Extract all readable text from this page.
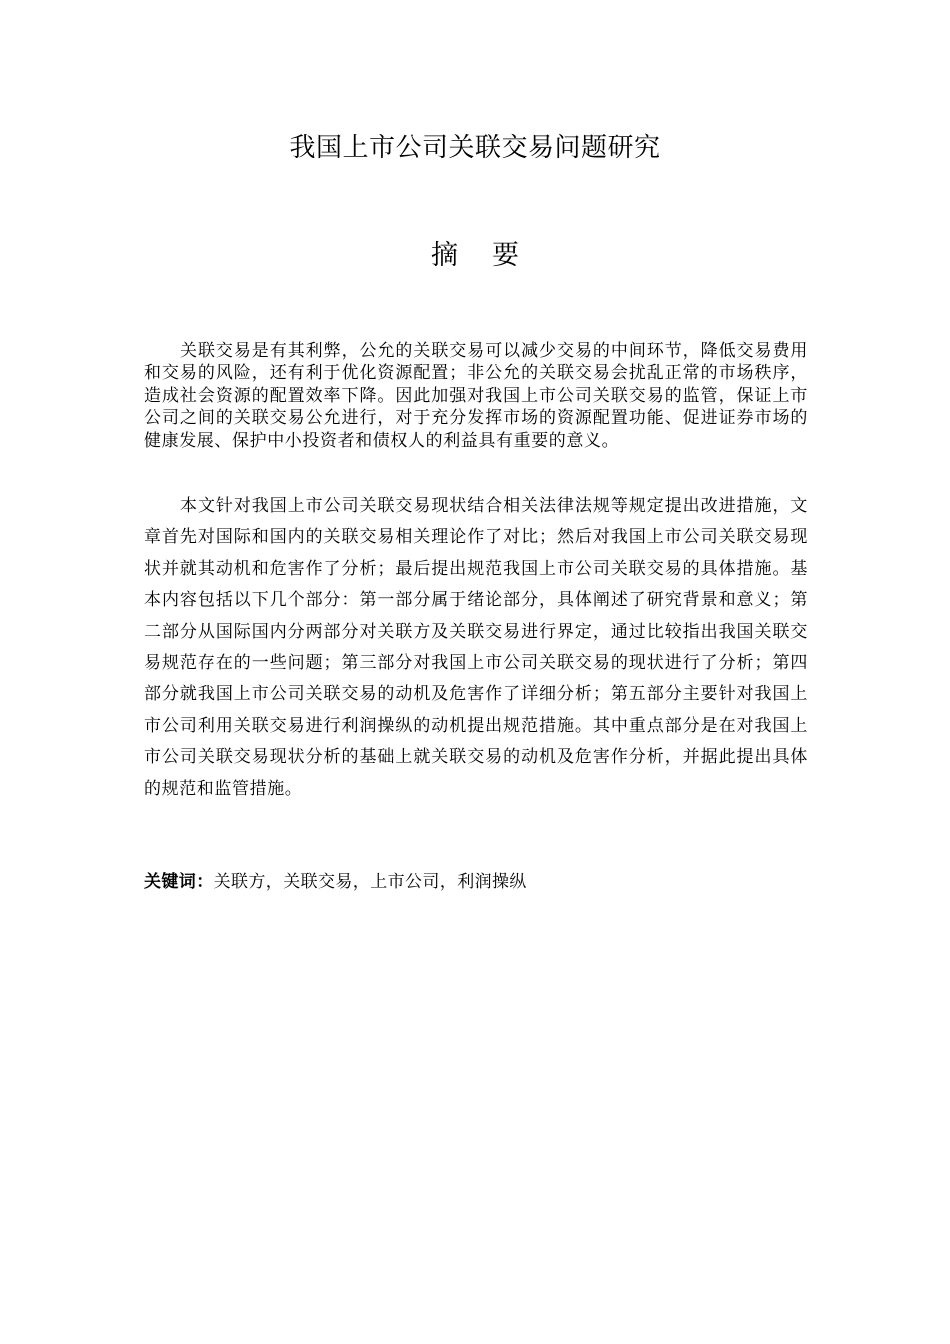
我国上市公司关联交易问题研究
摘 要

关联交易是有其利弊，公允的关联交易可以减少交易的中间环节，降低交易费用和交易的风险，还有利于优化资源配置；非公允的关联交易会扰乱正常的市场秩序，造成社会资源的配置效率下降。因此加强对我国上市公司关联交易的监管，保证上市公司之间的关联交易公允进行，对于充分发挥市场的资源配置功能、促进证券市场的健康发展、保护中小投资者和债权人的利益具有重要的意义。

本文针对我国上市公司关联交易现状结合相关法律法规等规定提出改进措施，文章首先对国际和国内的关联交易相关理论作了对比；然后对我国上市公司关联交易现状并就其动机和危害作了分析；最后提出规范我国上市公司关联交易的具体措施。基本内容包括以下几个部分：第一部分属于绪论部分，具体阐述了研究背景和意义；第二部分从国际国内分两部分对关联方及关联交易进行界定，通过比较指出我国关联交易规范存在的一些问题；第三部分对我国上市公司关联交易的现状进行了分析；第四部分就我国上市公司关联交易的动机及危害作了详细分析；第五部分主要针对我国上市公司利用关联交易进行利润操纵的动机提出规范措施。其中重点部分是在对我国上市公司关联交易现状分析的基础上就关联交易的动机及危害作分析，并据此提出具体的规范和监管措施。

关键词：关联方，关联交易，上市公司，利润操纵
